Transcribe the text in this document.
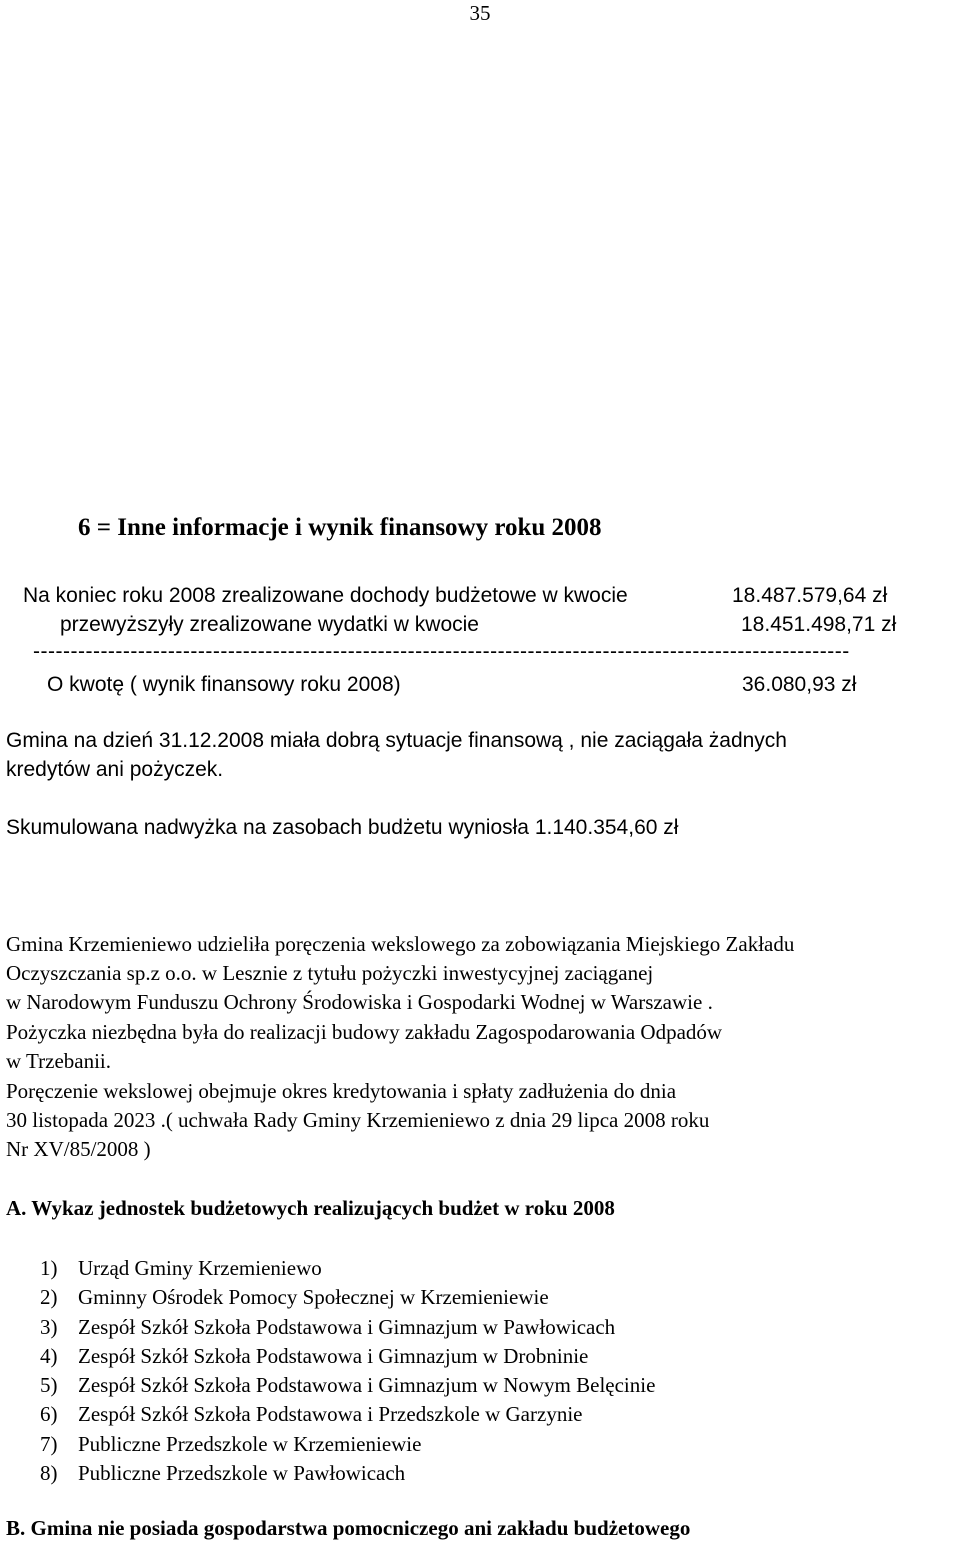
35
6 = Inne informacje i wynik finansowy roku 2008
Na koniec roku 2008 zrealizowane dochody budżetowe w kwocie	18.487.579,64 zł
przewyższyły zrealizowane wydatki w kwocie	18.451.498,71 zł
-------------------------------------------------------------------------------------------------------------
O kwotę ( wynik finansowy roku 2008)	36.080,93 zł
Gmina na dzień 31.12.2008 miała dobrą sytuacje finansową , nie zaciągała żadnych
kredytów ani pożyczek.
Skumulowana nadwyżka na zasobach budżetu wyniosła 1.140.354,60 zł
Gmina Krzemieniewo udzieliła poręczenia wekslowego za zobowiązania Miejskiego Zakładu
Oczyszczania sp.z o.o. w Lesznie z tytułu pożyczki inwestycyjnej zaciąganej
w Narodowym Funduszu Ochrony Środowiska i Gospodarki Wodnej w Warszawie .
Pożyczka niezbędna była do realizacji budowy zakładu Zagospodarowania Odpadów
w Trzebanii.
Poręczenie wekslowej obejmuje okres kredytowania i spłaty zadłużenia do dnia
30 listopada 2023 .( uchwała Rady Gminy Krzemieniewo z dnia 29 lipca 2008 roku
Nr XV/85/2008 )
A. Wykaz jednostek budżetowych realizujących budżet w roku 2008
1) Urząd Gminy Krzemieniewo
2) Gminny Ośrodek Pomocy Społecznej w Krzemieniewie
3) Zespół Szkół Szkoła Podstawowa i Gimnazjum w Pawłowicach
4) Zespół Szkół Szkoła Podstawowa i Gimnazjum w Drobninie
5) Zespół Szkół Szkoła Podstawowa i Gimnazjum w Nowym Belęcinie
6) Zespół Szkół Szkoła Podstawowa i Przedszkole w Garzynie
7) Publiczne Przedszkole w Krzemieniewie
8) Publiczne Przedszkole w Pawłowicach
B. Gmina nie posiada gospodarstwa pomocniczego ani zakładu budżetowego
